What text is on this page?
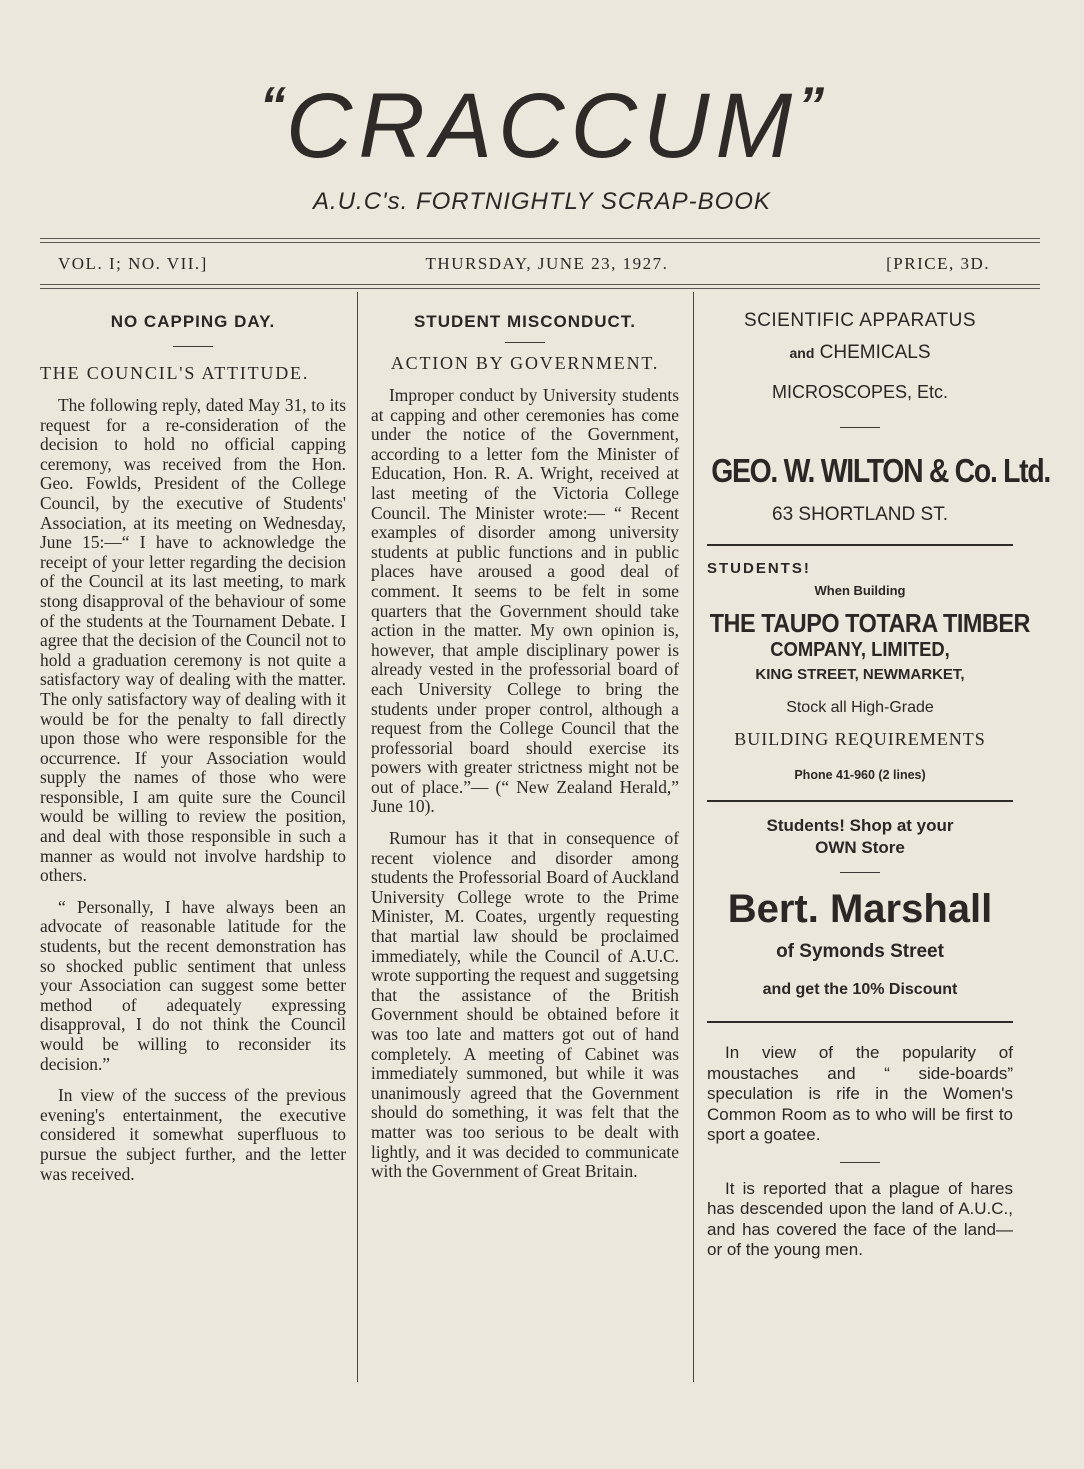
“CRACCUM”
A.U.C's. FORTNIGHTLY SCRAP-BOOK
VOL. I; NO. VII.]	THURSDAY, JUNE 23, 1927.	[PRICE, 3D.
NO CAPPING DAY.
THE COUNCIL'S ATTITUDE.

The following reply, dated May 31, to its request for a re-consideration of the decision to hold no official capping ceremony, was received from the Hon. Geo. Fowlds, President of the College Council, by the executive of Students' Association, at its meeting on Wednesday, June 15:—“ I have to acknowledge the receipt of your letter regarding the decision of the Council at its last meeting, to mark stong disapproval of the behaviour of some of the students at the Tournament Debate. I agree that the decision of the Council not to hold a graduation ceremony is not quite a satisfactory way of dealing with the matter. The only satisfactory way of dealing with it would be for the penalty to fall directly upon those who were responsible for the occurrence. If your Association would supply the names of those who were responsible, I am quite sure the Council would be willing to review the position, and deal with those responsible in such a manner as would not involve hardship to others.

“ Personally, I have always been an advocate of reasonable latitude for the students, but the recent demonstration has so shocked public sentiment that unless your Association can suggest some better method of adequately expressing disapproval, I do not think the Council would be willing to reconsider its decision.”

In view of the success of the previous evening's entertainment, the executive considered it somewhat superfluous to pursue the subject further, and the letter was received.

STUDENT MISCONDUCT.
ACTION BY GOVERNMENT.

Improper conduct by University students at capping and other ceremonies has come under the notice of the Government, according to a letter fom the Minister of Education, Hon. R. A. Wright, received at last meeting of the Victoria College Council. The Minister wrote:— “ Recent examples of disorder among university students at public functions and in public places have aroused a good deal of comment. It seems to be felt in some quarters that the Government should take action in the matter. My own opinion is, however, that ample disciplinary power is already vested in the professorial board of each University College to bring the students under proper control, although a request from the College Council that the professorial board should exercise its powers with greater strictness might not be out of place.”— (“ New Zealand Herald,” June 10).

Rumour has it that in consequence of recent violence and disorder among students the Professorial Board of Auckland University College wrote to the Prime Minister, M. Coates, urgently requesting that martial law should be proclaimed immediately, while the Council of A.U.C. wrote supporting the request and suggetsing that the assistance of the British Government should be obtained before it was too late and matters got out of hand completely. A meeting of Cabinet was immediately summoned, but while it was unanimously agreed that the Government should do something, it was felt that the matter was too serious to be dealt with lightly, and it was decided to communicate with the Government of Great Britain.

SCIENTIFIC APPARATUS

and CHEMICALS

MICROSCOPES, Etc.

GEO. W. WILTON & Co. Ltd.

63 SHORTLAND ST.

STUDENTS!

When Building

THE TAUPO TOTARA TIMBER

COMPANY, LIMITED,

KING STREET, NEWMARKET,

Stock all High-Grade

BUILDING REQUIREMENTS

Phone 41-960 (2 lines)

Students! Shop at your

OWN Store

Bert. Marshall

of Symonds Street

and get the 10% Discount

In view of the popularity of moustaches and “ side-boards” speculation is rife in the Women's Common Room as to who will be first to sport a goatee.

It is reported that a plague of hares has descended upon the land of A.U.C., and has covered the face of the land—or of the young men.
